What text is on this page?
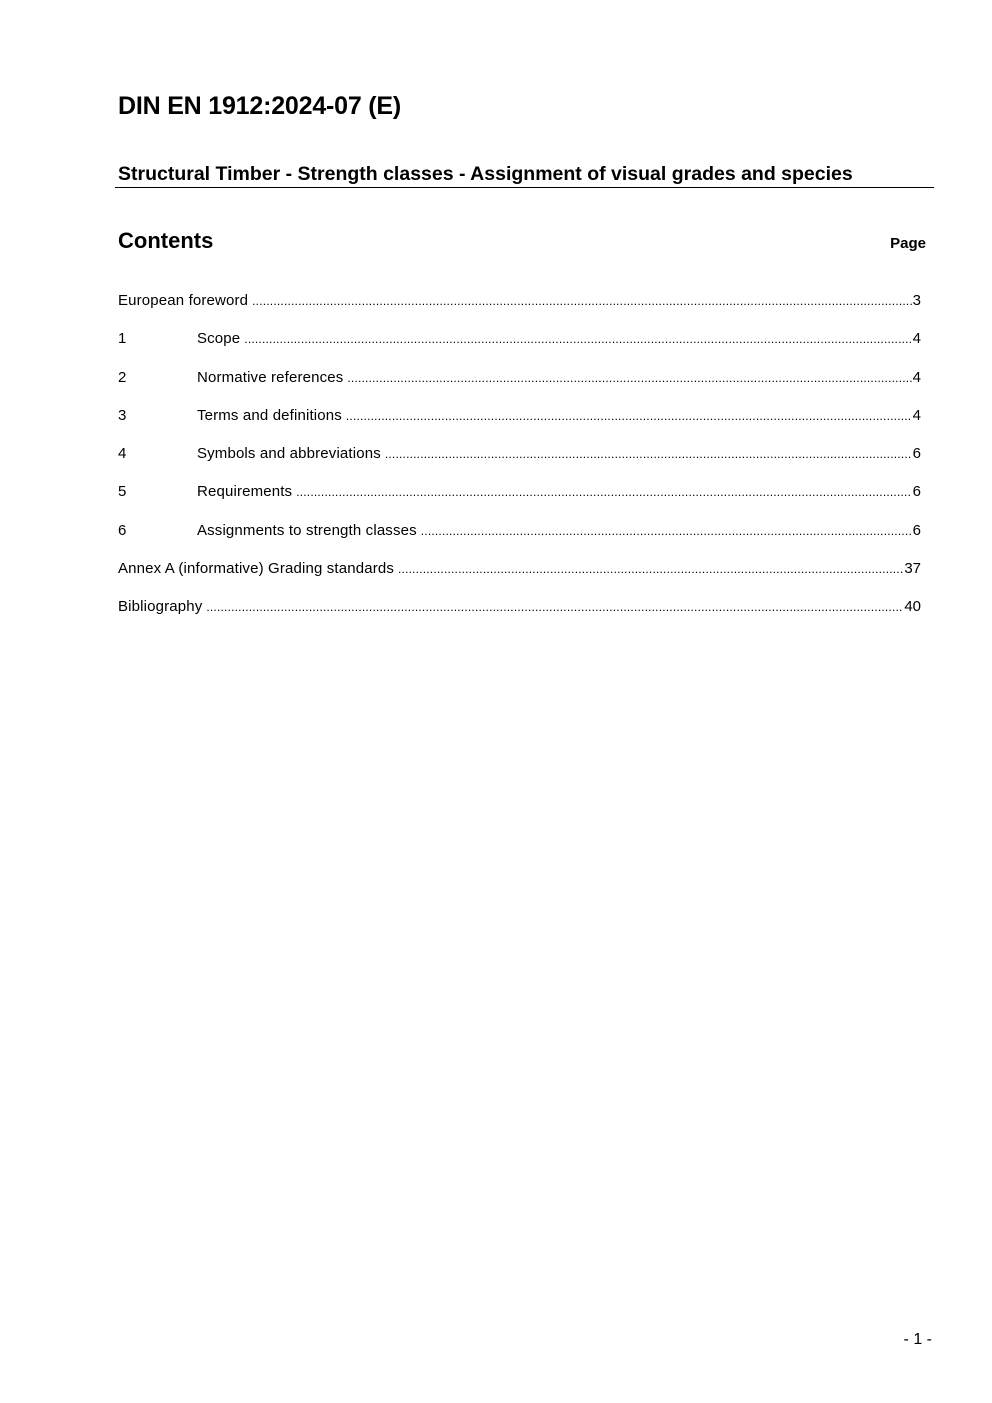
DIN EN 1912:2024-07 (E)
Structural Timber - Strength classes - Assignment of visual grades and species
Contents	Page
European foreword .....	3
1	Scope .....	4
2	Normative references .....	4
3	Terms and definitions .....	4
4	Symbols and abbreviations .....	6
5	Requirements .....	6
6	Assignments to strength classes .....	6
Annex A (informative) Grading standards .....	37
Bibliography .....	40
- 1 -
